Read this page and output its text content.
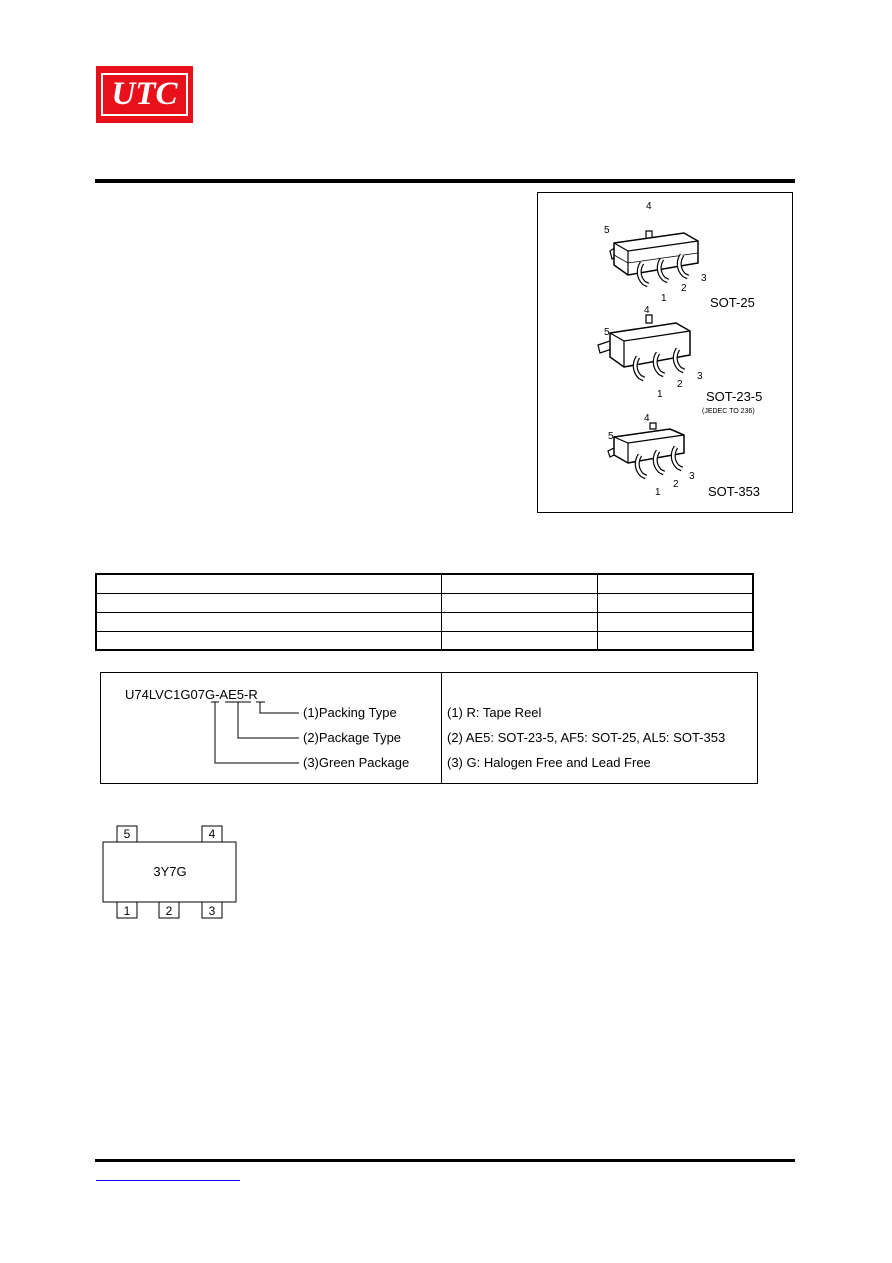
UTC
4
5
1
2
3
SOT-25
4
5
1
2
3
SOT-23-5
(JEDEC TO 236)
4
5
1
2
3
SOT-353

U74LVC1G07G-AE5-R
(1)Packing Type
(2)Package Type
(3)Green Package
(1) R: Tape Reel
(2) AE5: SOT-23-5, AF5: SOT-25, AL5: SOT-353
(3) G: Halogen Free and Lead Free
5	4
3Y7G
1	2	3
